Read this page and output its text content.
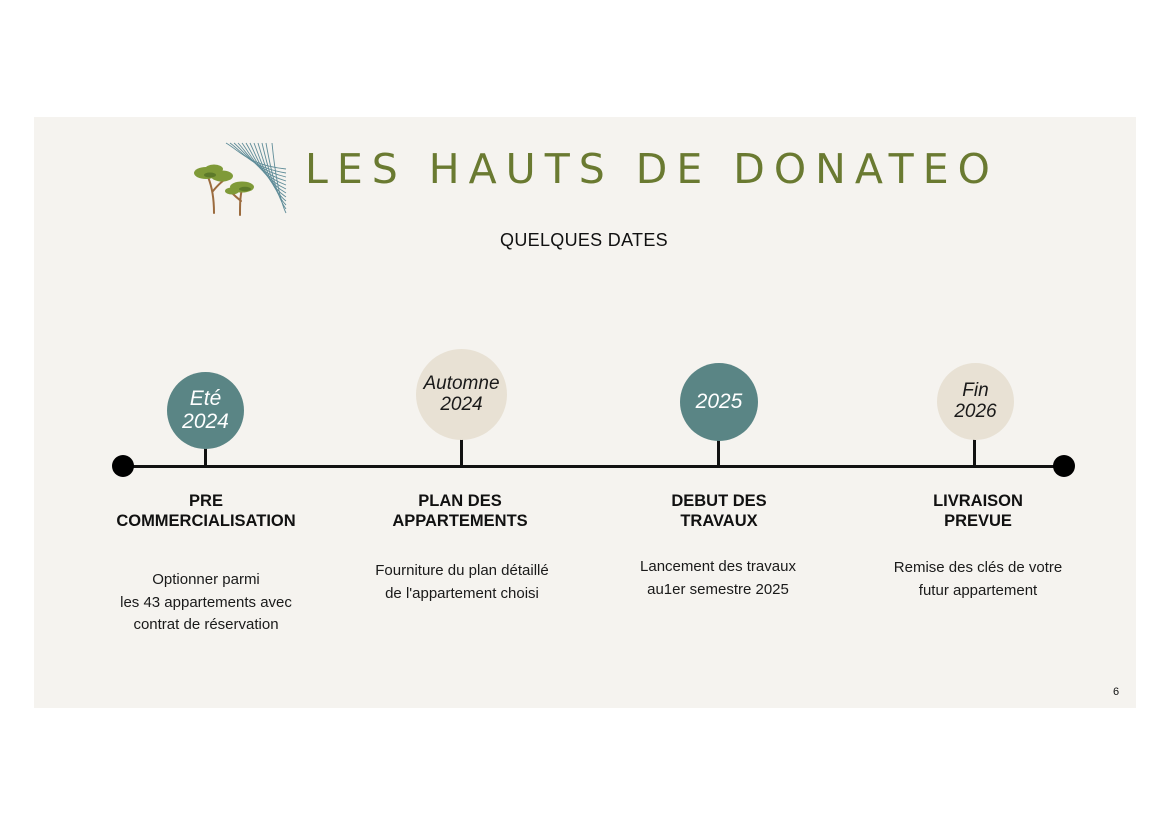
LES HAUTS DE DONATEO
QUELQUES DATES
Eté
2024
PRE
COMMERCIALISATION
Optionner parmi
les 43 appartements avec
contrat de réservation
Automne
2024
PLAN DES
APPARTEMENTS
Fourniture du plan détaillé
de l'appartement choisi
2025
DEBUT DES
TRAVAUX
Lancement des travaux
au1er semestre 2025
Fin
2026
LIVRAISON
PREVUE
Remise des clés de votre
futur appartement
6
